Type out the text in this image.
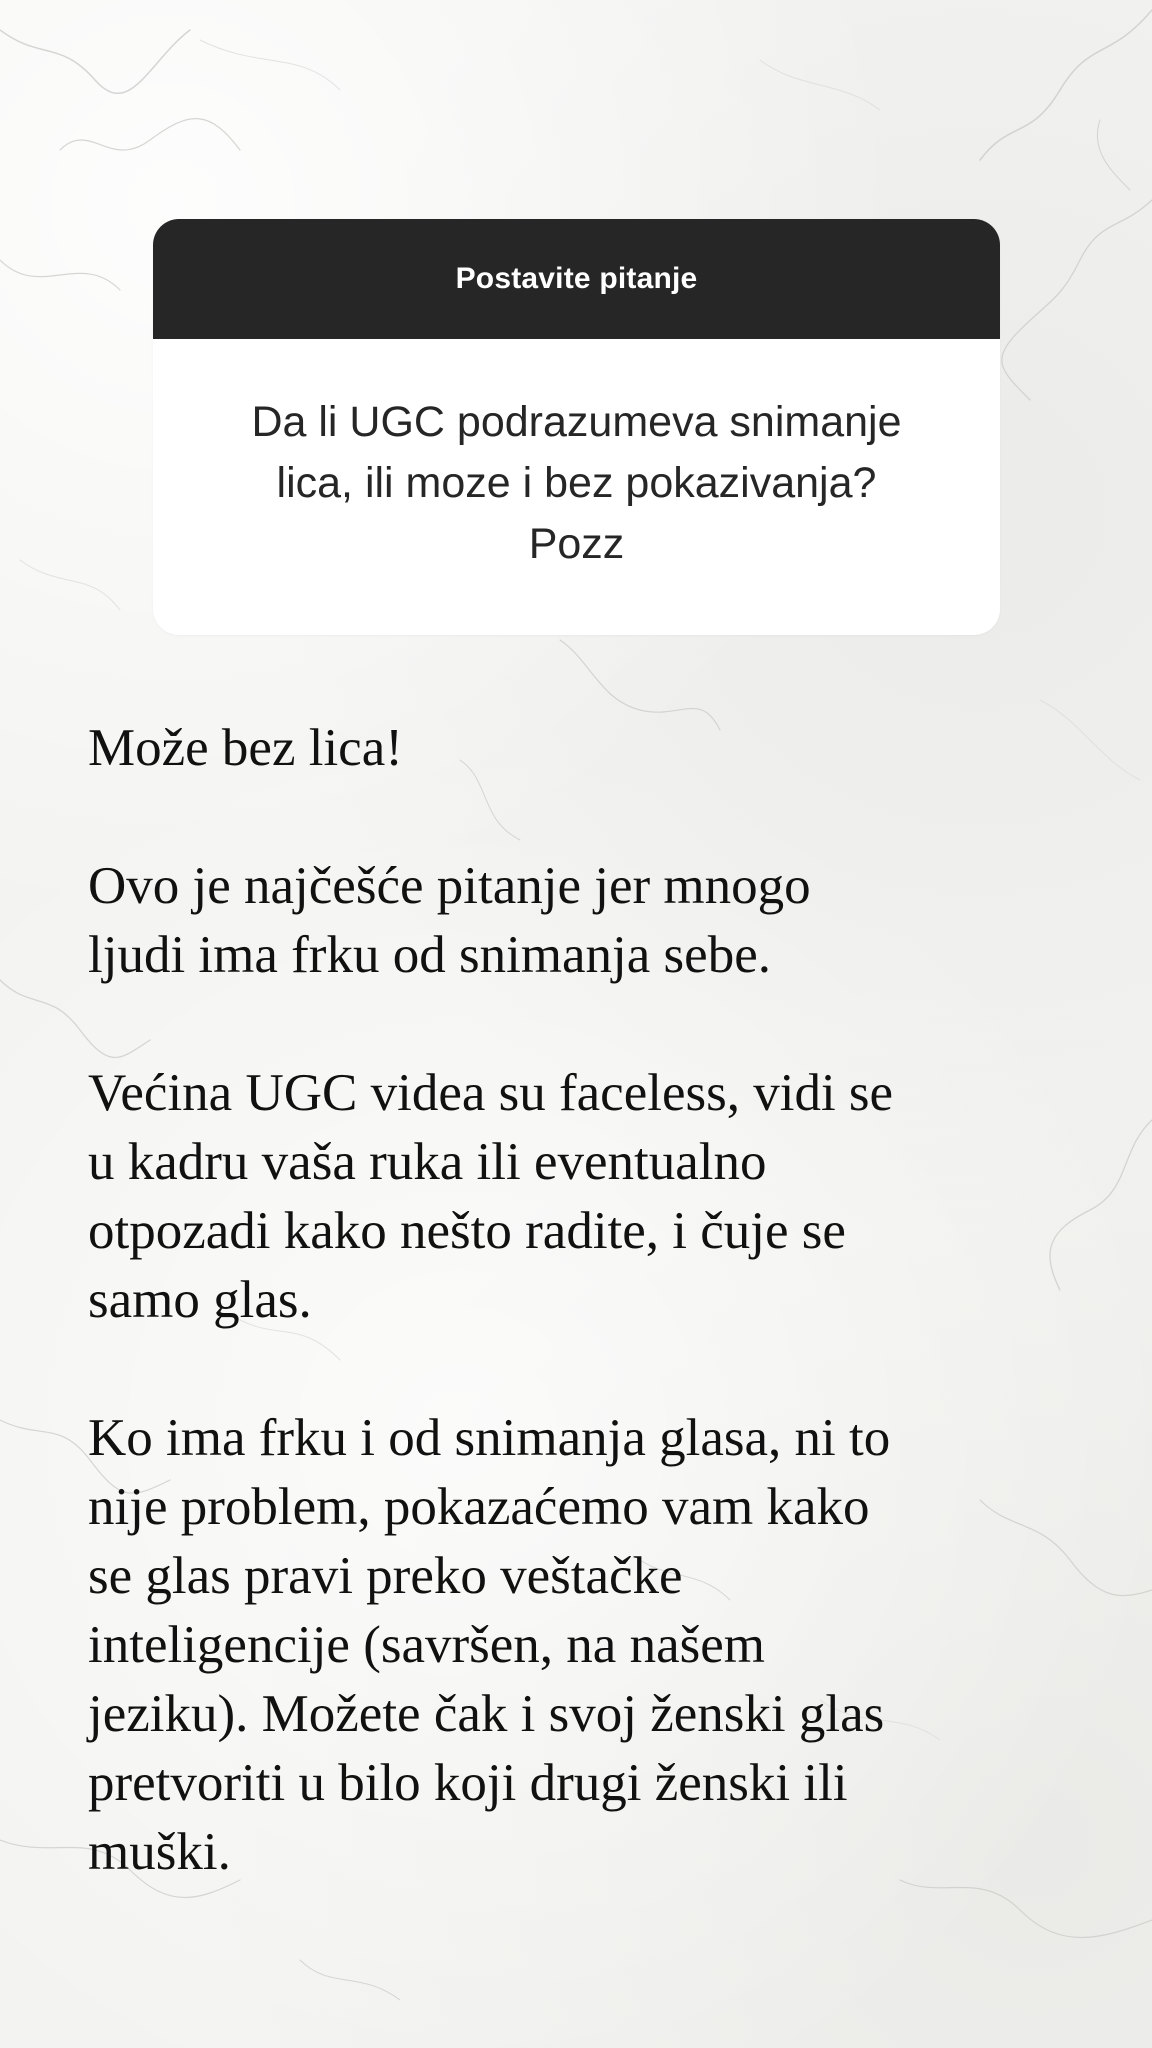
Postavite pitanje
Da li UGC podrazumeva snimanje
lica, ili moze i bez pokazivanja?
Pozz
Može bez lica!

Ovo je najčešće pitanje jer mnogo
ljudi ima frku od snimanja sebe.

Većina UGC videa su faceless, vidi se
u kadru vaša ruka ili eventualno
otpozadi kako nešto radite, i čuje se
samo glas.

Ko ima frku i od snimanja glasa, ni to
nije problem, pokazaćemo vam kako
se glas pravi preko veštačke
inteligencije (savršen, na našem
jeziku). Možete čak i svoj ženski glas
pretvoriti u bilo koji drugi ženski ili
muški.
